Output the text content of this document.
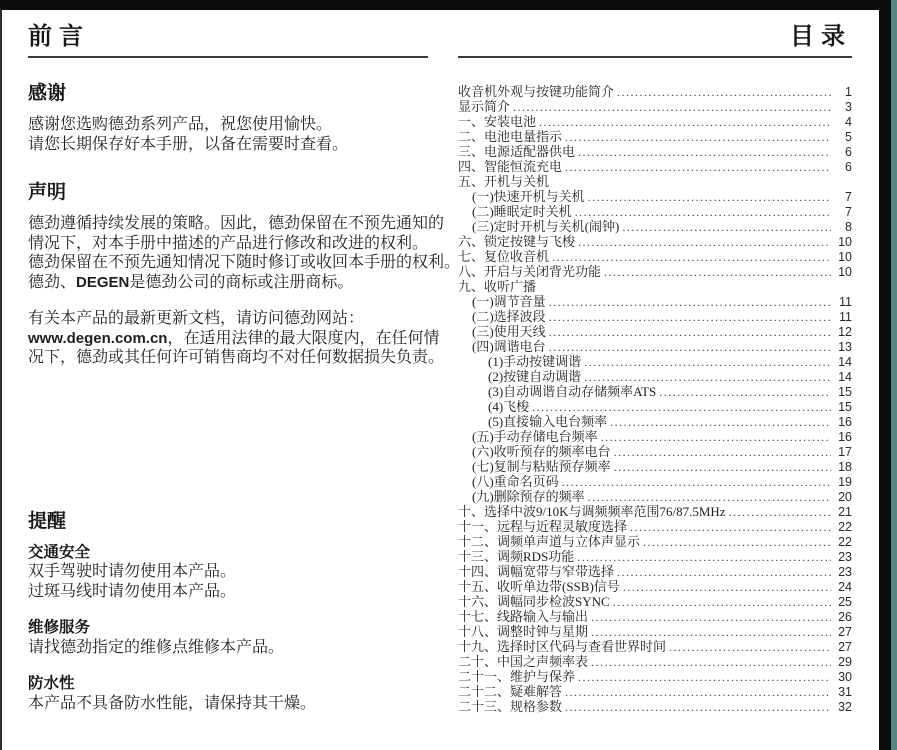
前言
感谢
感谢您选购德劲系列产品，祝您使用愉快。
请您长期保存好本手册，以备在需要时查看。
声明
德劲遵循持续发展的策略。因此，德劲保留在不预先通知的
情况下，对本手册中描述的产品进行修改和改进的权利。
德劲保留在不预先通知情况下随时修订或收回本手册的权利。
德劲、DEGEN是德劲公司的商标或注册商标。
有关本产品的最新更新文档，请访问德劲网站：
www.degen.com.cn，在适用法律的最大限度内，在任何情
况下，德劲或其任何许可销售商均不对任何数据损失负责。
提醒
交通安全
双手驾驶时请勿使用本产品。
过斑马线时请勿使用本产品。
维修服务
请找德劲指定的维修点维修本产品。
防水性
本产品不具备防水性能，请保持其干燥。
目录
收音机外观与按键功能简介 .....	1
显示简介 .....	3
一、安装电池 .....	4
二、电池电量指示 .....	5
三、电源适配器供电 .....	6
四、智能恒流充电 .....	6
五、开机与关机
(一)快速开机与关机 .....	7
(二)睡眠定时关机 .....	7
(三)定时开机与关机(闹钟) .....	8
六、锁定按键与飞梭 .....	10
七、复位收音机 .....	10
八、开启与关闭背光功能 .....	10
九、收听广播
(一)调节音量 .....	11
(二)选择波段 .....	11
(三)使用天线 .....	12
(四)调谐电台 .....	13
(1)手动按键调谐 .....	14
(2)按键自动调谐 .....	14
(3)自动调谐自动存储频率ATS .....	15
(4)飞梭 .....	15
(5)直接输入电台频率 .....	16
(五)手动存储电台频率 .....	16
(六)收听预存的频率电台 .....	17
(七)复制与粘贴预存频率 .....	18
(八)重命名页码 .....	19
(九)删除预存的频率 .....	20
十、选择中波9/10K与调频频率范围76/87.5MHz .....	21
十一、远程与近程灵敏度选择 .....	22
十二、调频单声道与立体声显示 .....	22
十三、调频RDS功能 .....	23
十四、调幅宽带与窄带选择 .....	23
十五、收听单边带(SSB)信号 .....	24
十六、调幅同步检波SYNC .....	25
十七、线路输入与输出 .....	26
十八、调整时钟与星期 .....	27
十九、选择时区代码与查看世界时间 .....	27
二十、中国之声频率表 .....	29
二十一、维护与保养 .....	30
二十二、疑难解答 .....	31
二十三、规格参数 .....	32
